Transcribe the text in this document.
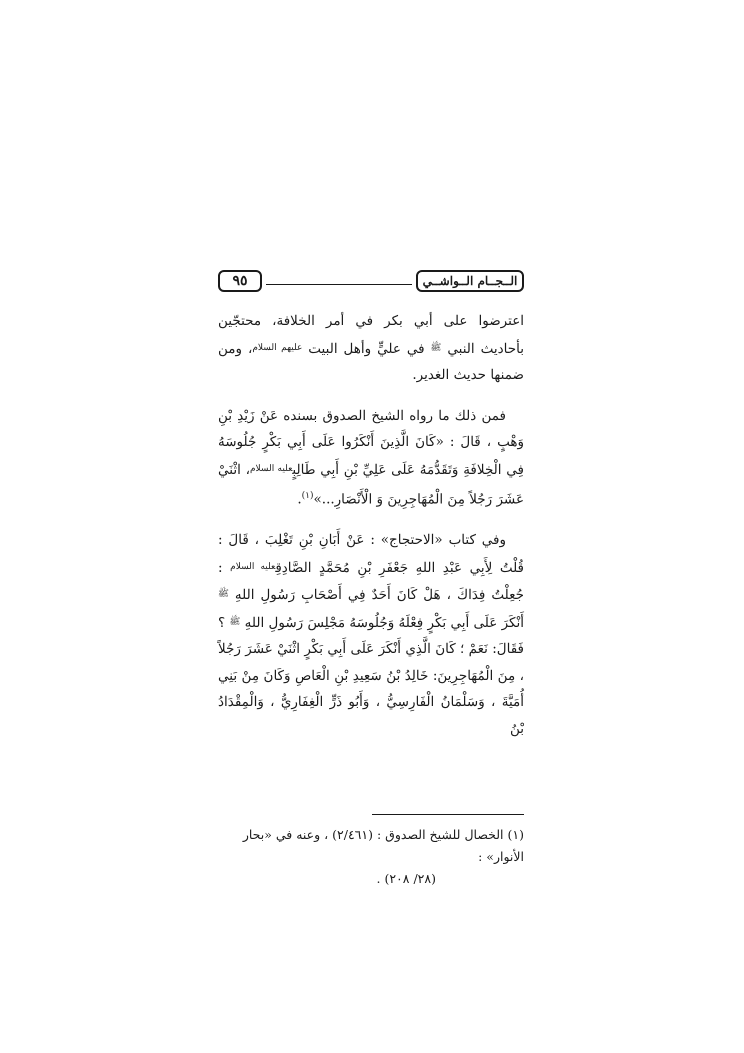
٩٥	الــجــام الــواشــي

اعترضوا على أبي بكر في أمر الخلافة، محتجّين بأحاديث النبي $^ﷺ$ في عليٍّ وأهل البيت $^{عليهم السلام}$، ومن ضمنها حديث الغدير.

فمن ذلك ما رواه الشيخ الصدوق بسنده عَنْ زَيْدِ بْنِ وَهْبٍ ، قَالَ : «كَانَ الَّذِينَ أَنْكَرُوا عَلَى أَبِي بَكْرٍ جُلُوسَهُ فِي الْخِلافَةِ وَتَقَدُّمَهُ عَلَى عَلِيِّ بْنِ أَبِي طَالِبٍ$^{عليه السلام}$، اثْنَيْ عَشَرَ رَجُلاً مِنَ الْمُهَاجِرِينَ وَ الْأَنْصَارِ...»$^{(١)}$.

وفي كتاب «الاحتجاج» : عَنْ أَبَانِ بْنِ تَغْلِبَ ، قَالَ : قُلْتُ لِأَبِي عَبْدِ اللهِ جَعْفَرِ بْنِ مُحَمَّدٍ الصَّادِقِ$^{عليه السلام}$ : جُعِلْتُ فِدَاكَ ، هَلْ كَانَ أَحَدٌ فِي أَصْحَابِ رَسُولِ اللهِ $^ﷺ$ أَنْكَرَ عَلَى أَبِي بَكْرٍ فِعْلَهُ وَجُلُوسَهُ مَجْلِسَ رَسُولِ اللهِ $^ﷺ$ ؟ فَقَالَ: نَعَمْ ؛ كَانَ الَّذِي أَنْكَرَ عَلَى أَبِي بَكْرٍ اثْنَيْ عَشَرَ رَجُلاً ، مِنَ الْمُهَاجِرِينَ: خَالِدُ بْنُ سَعِيدِ بْنِ الْعَاصِ وَكَانَ مِنْ بَنِي أُمَيَّةَ ، وَسَلْمَانُ الْفَارِسِيُّ ، وَأَبُو ذَرٍّ الْغِفَارِيُّ ، وَالْمِقْدَادُ بْنُ

(١) الخصال للشيخ الصدوق : (٢/٤٦١) ، وعنه في «بحار الأنوار» :
(٢٨/ ٢٠٨) .
